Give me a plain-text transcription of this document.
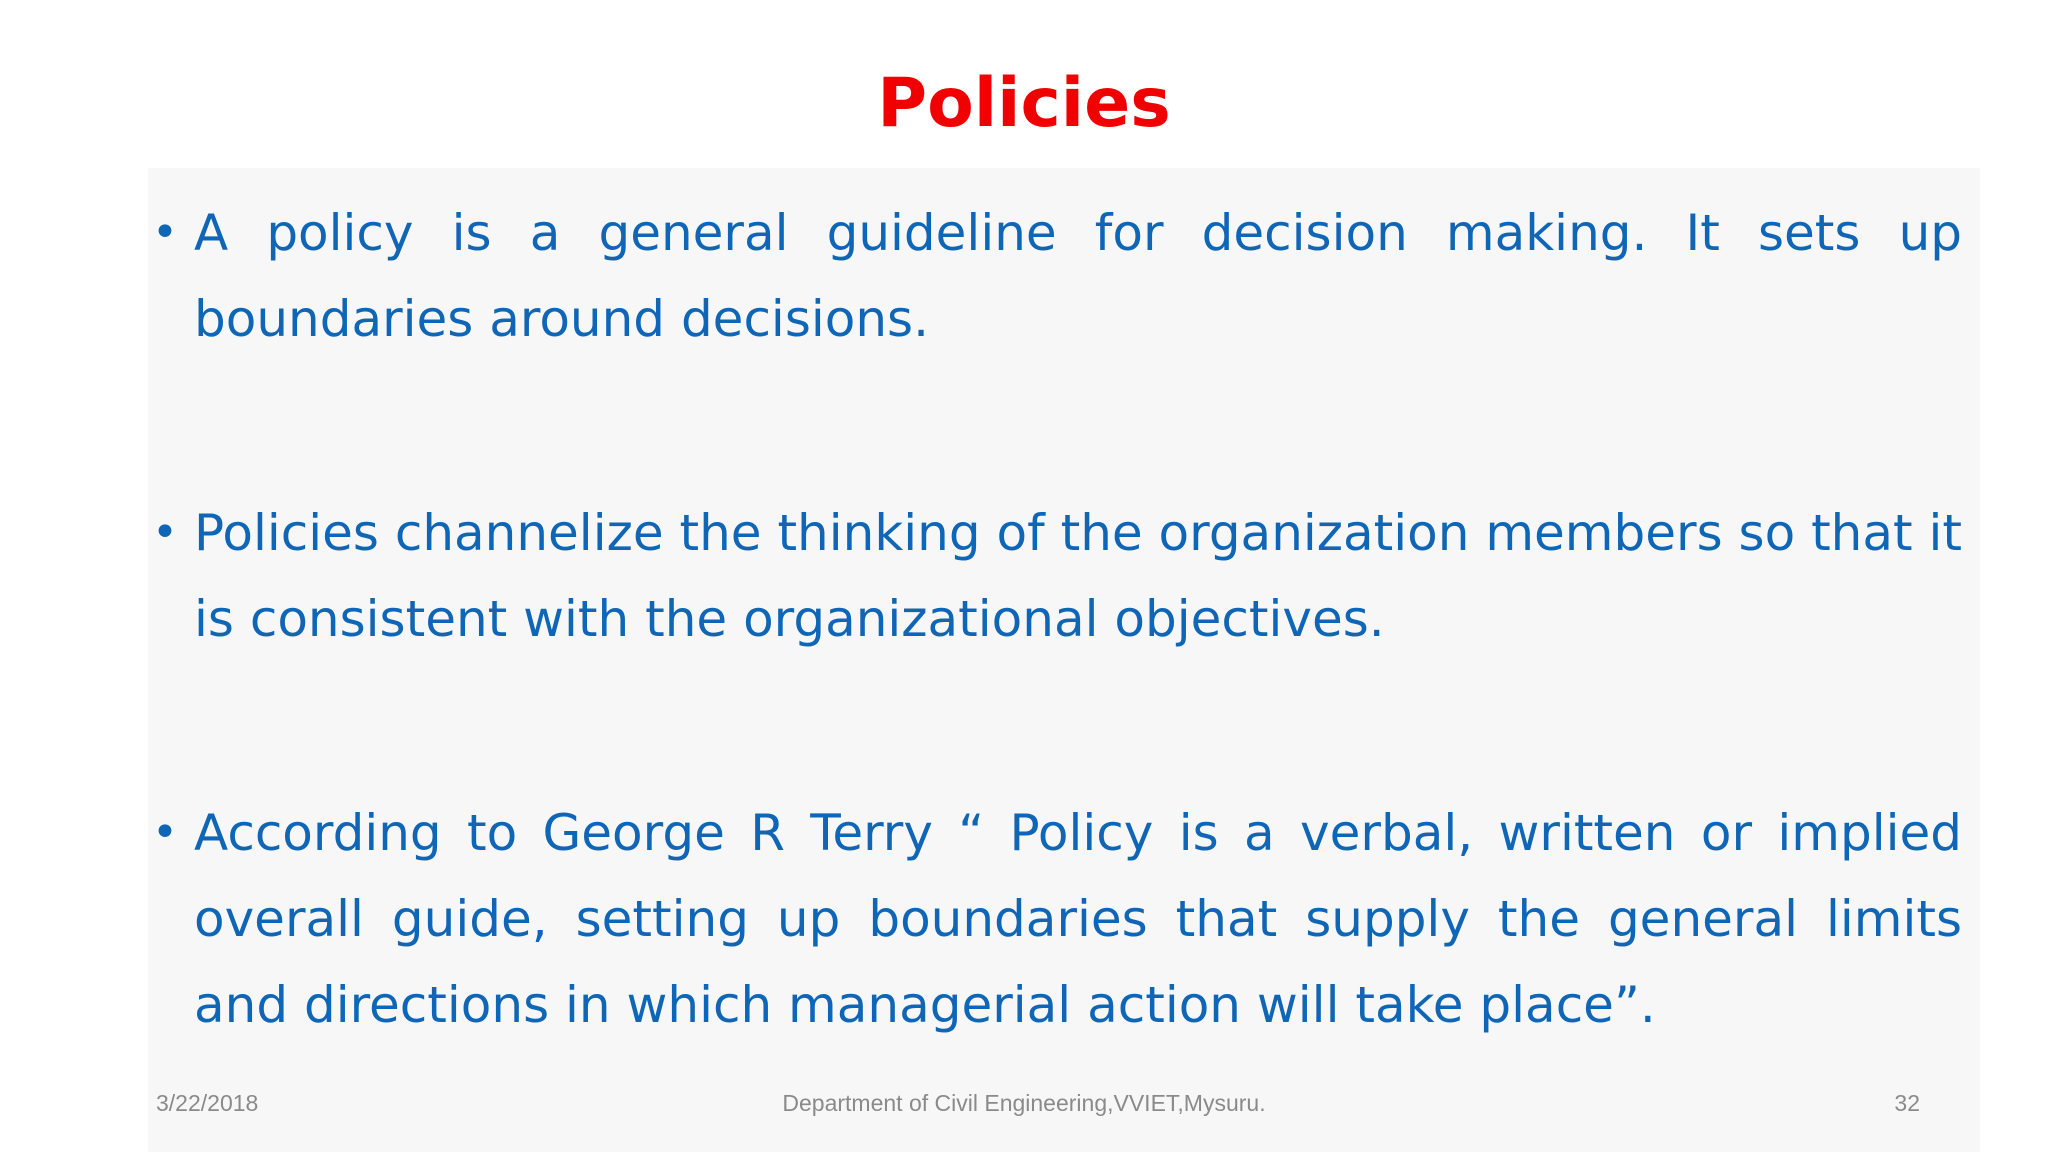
Policies
• A policy is a general guideline for decision making. It sets up boundaries around decisions.
• Policies channelize the thinking of the organization members so that it is consistent with the organizational objectives.
• According to George R Terry “ Policy is a verbal, written or implied overall guide, setting up boundaries that supply the general limits and directions in which managerial action will take place”.
3/22/2018	Department of Civil Engineering,VVIET,Mysuru.	32
